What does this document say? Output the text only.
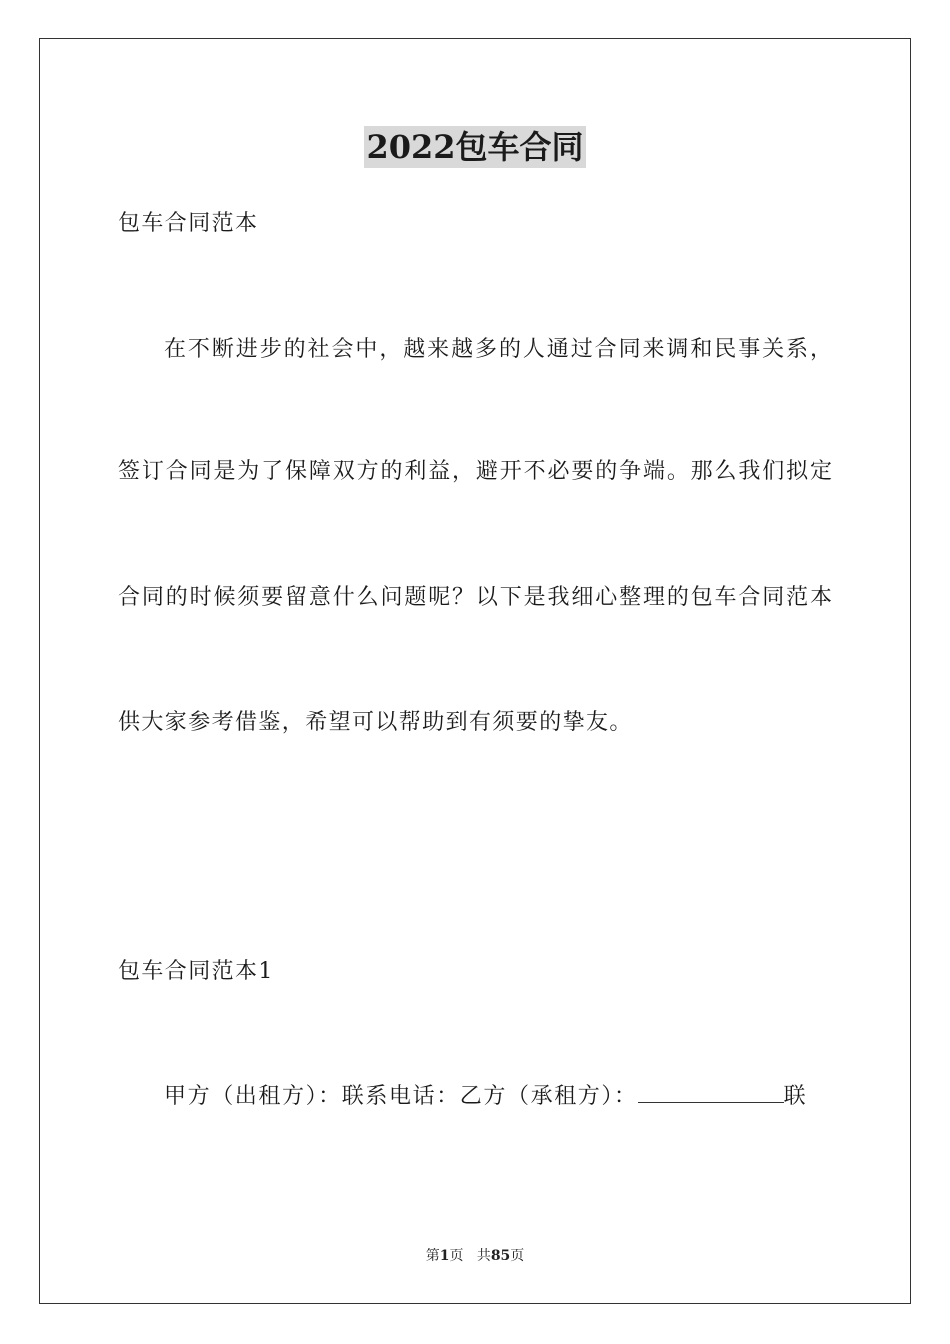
2022包车合同
包车合同范本
在不断进步的社会中，越来越多的人通过合同来调和民事关系，
签订合同是为了保障双方的利益，避开不必要的争端。那么我们拟定
合同的时候须要留意什么问题呢？以下是我细心整理的包车合同范本
供大家参考借鉴，希望可以帮助到有须要的挚友。
包车合同范本1
甲方（出租方）：联系电话：乙方（承租方）：	联
第1页 共85页
